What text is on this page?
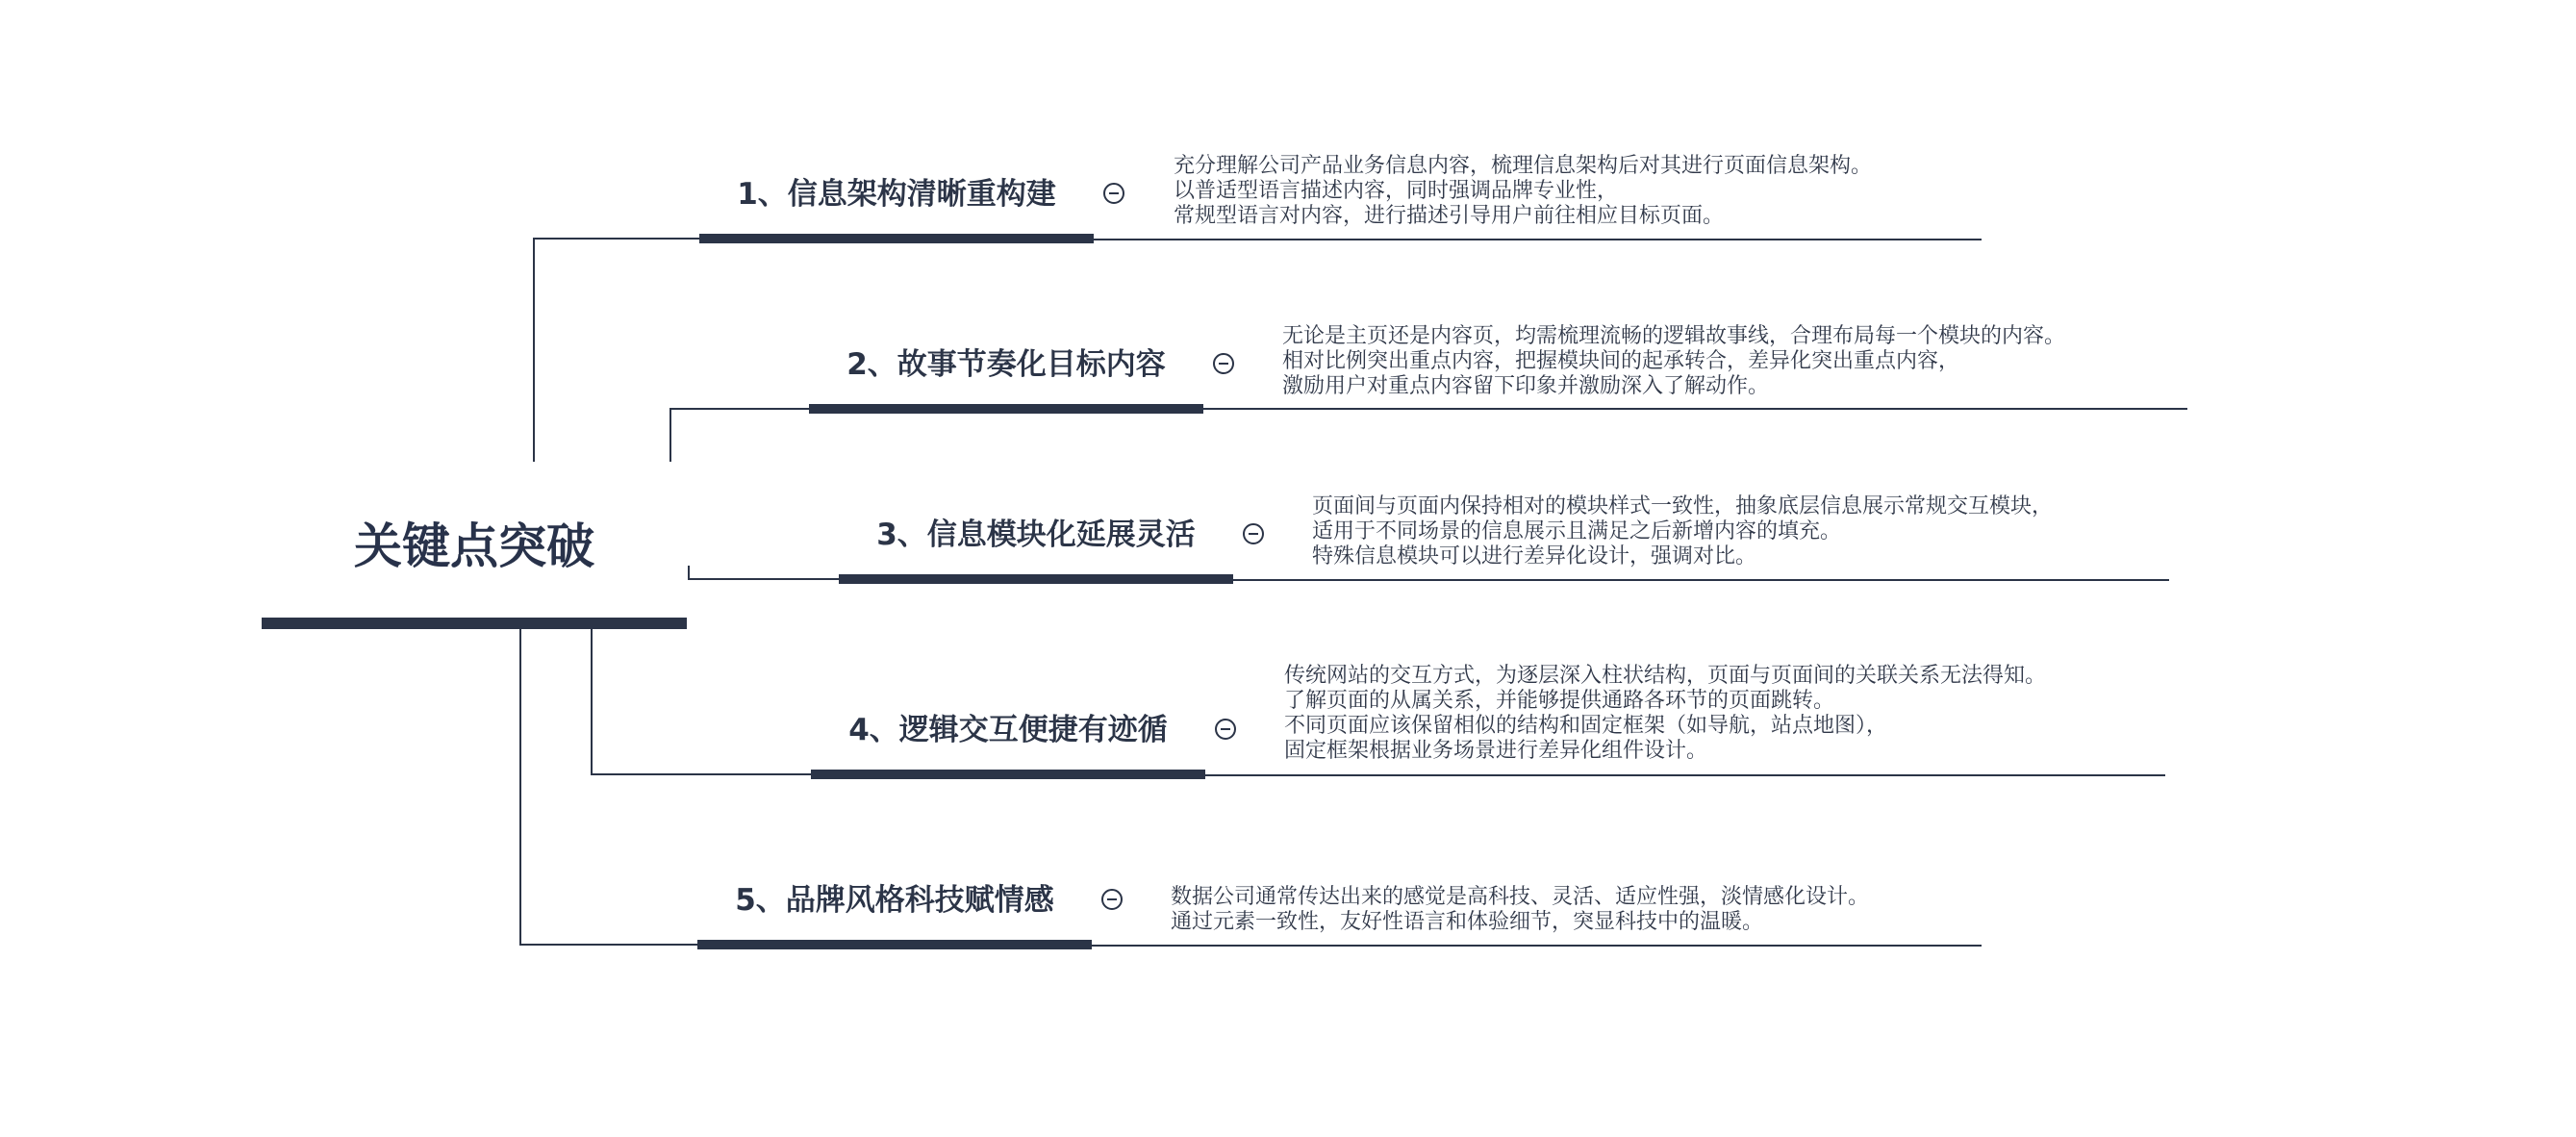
关键点突破
1、信息架构清晰重构建
充分理解公司产品业务信息内容，梳理信息架构后对其进行页面信息架构。
以普适型语言描述内容，同时强调品牌专业性，
常规型语言对内容，进行描述引导用户前往相应目标页面。
2、故事节奏化目标内容
无论是主页还是内容页，均需梳理流畅的逻辑故事线，合理布局每一个模块的内容。
相对比例突出重点内容，把握模块间的起承转合，差异化突出重点内容，
激励用户对重点内容留下印象并激励深入了解动作。
3、信息模块化延展灵活
页面间与页面内保持相对的模块样式一致性，抽象底层信息展示常规交互模块，
适用于不同场景的信息展示且满足之后新增内容的填充。
特殊信息模块可以进行差异化设计，强调对比。
4、逻辑交互便捷有迹循
传统网站的交互方式，为逐层深入柱状结构，页面与页面间的关联关系无法得知。
了解页面的从属关系，并能够提供通路各环节的页面跳转。
不同页面应该保留相似的结构和固定框架（如导航，站点地图），
固定框架根据业务场景进行差异化组件设计。
5、品牌风格科技赋情感	数据公司通常传达出来的感觉是高科技、灵活、适应性强，淡情感化设计。
通过元素一致性，友好性语言和体验细节，突显科技中的温暖。
